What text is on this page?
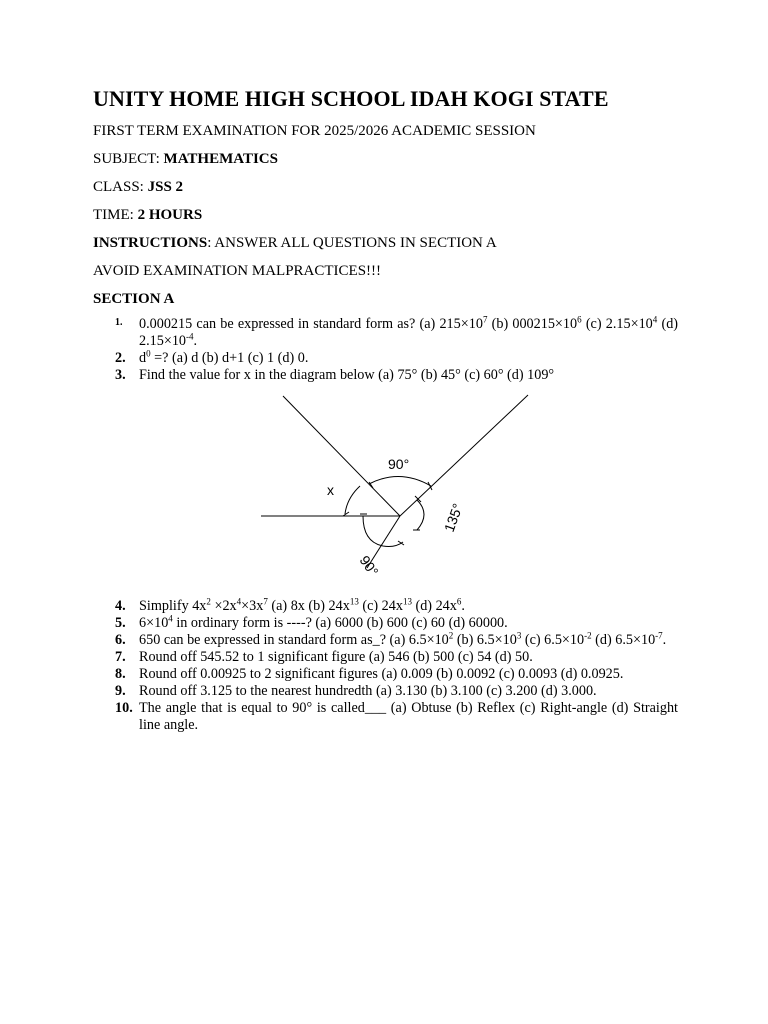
UNITY HOME HIGH SCHOOL IDAH KOGI STATE
FIRST TERM EXAMINATION FOR 2025/2026 ACADEMIC SESSION
SUBJECT: MATHEMATICS
CLASS: JSS 2
TIME: 2 HOURS
INSTRUCTIONS: ANSWER ALL QUESTIONS IN SECTION A
AVOID EXAMINATION MALPRACTICES!!!
SECTION A
1. 0.000215 can be expressed in standard form as? (a) $215\times 10^7$ (b) $000215\times 10^6$ (c) $2.15\times 10^4$ (d) $2.15\times 10^{-4}$.
2. $d^0$ =? (a) d (b) d+1 (c) 1 (d) 0.
3. Find the value for x in the diagram below (a) 75° (b) 45° (c) 60° (d) 109°
4. Simplify $4x^2 \times 2x^4\times 3x^7$ (a) 8x (b) $24x^{13}$ (c) $24x^{13}$ (d) $24x^6$.
5. $6\times 10^4$ in ordinary form is ----? (a) 6000 (b) 600 (c) 60 (d) 60000.
6. 650 can be expressed in standard form as_? (a) $6.5\times 10^2$ (b) $6.5\times 10^3$ (c) $6.5\times 10^{-2}$ (d) $6.5\times 10^{-7}$.
7. Round off 545.52 to 1 significant figure (a) 546 (b) 500 (c) 54 (d) 50.
8. Round off 0.00925 to 2 significant figures (a) 0.009 (b) 0.0092 (c) 0.0093 (d) 0.0925.
9. Round off 3.125 to the nearest hundredth (a) 3.130 (b) 3.100 (c) 3.200 (d) 3.000.
10. The angle that is equal to 90° is called___ (a) Obtuse (b) Reflex (c) Right-angle (d) Straight line angle.
x
90°
135°
90°
